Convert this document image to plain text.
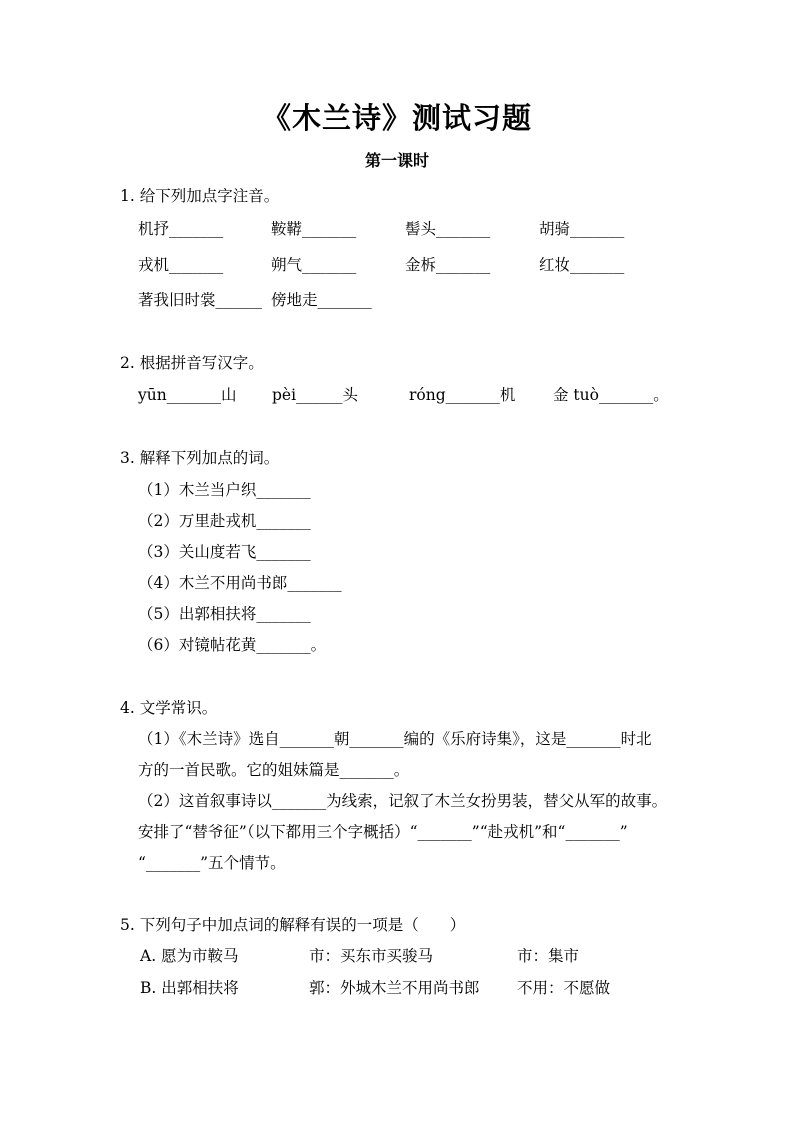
《木兰诗》测试习题
第一课时
1. 给下列加点字注音。
机抒_______	鞍鞯_______	髻头_______	胡骑_______
戎机_______	朔气_______	金柝_______	红妆_______
著我旧时裳______ 傍地走_______
2. 根据拼音写汉字。
yūn_______山 pèi______头	róng_______机 金 tuò_______。
3. 解释下列加点的词。
（1）木兰当户织_______
（2）万里赴戎机_______
（3）关山度若飞_______
（4）木兰不用尚书郎_______
（5）出郭相扶将_______
（6）对镜帖花黄_______。
4. 文学常识。
（1）《木兰诗》选自_______朝_______编的《乐府诗集》，这是_______时北
方的一首民歌。它的姐妹篇是_______。
（2）这首叙事诗以_______为线索，记叙了木兰女扮男装，替父从军的故事。
安排了“替爷征”（以下都用三个字概括）“_______”“赴戎机”和“_______”
“_______”五个情节。
5. 下列句子中加点词的解释有误的一项是（　　）
A. 愿为市鞍马	市：买东市买骏马	市：集市
B. 出郭相扶将	郭：外城木兰不用尚书郎 不用：不愿做
